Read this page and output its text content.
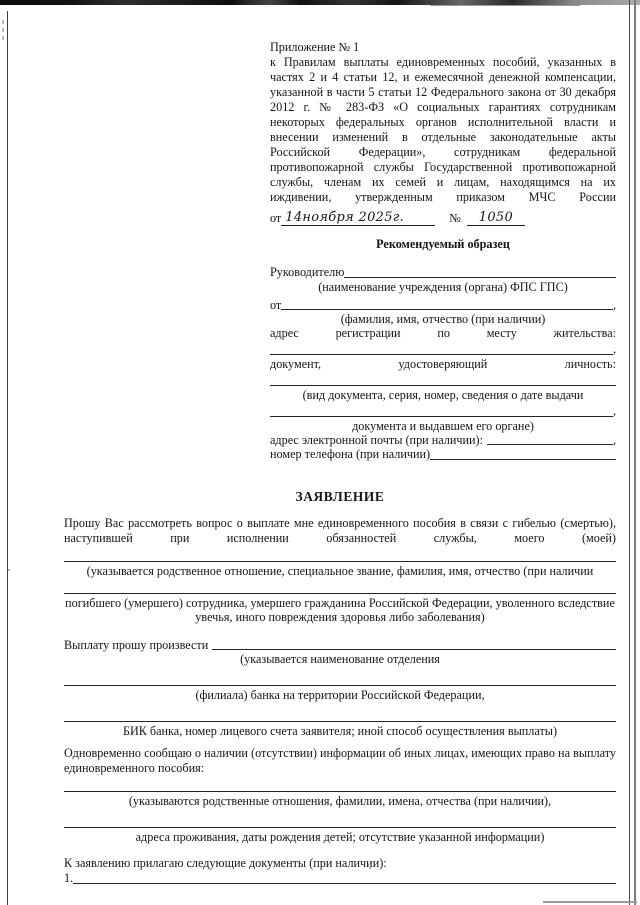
Приложение № 1
к Правилам выплаты единовременных пособий, указанных в частях 2 и 4 статьи 12, и ежемесячной денежной компенсации, указанной в части 5 статьи 12 Федерального закона от 30 декабря 2012 г. № 283-ФЗ «О социальных гарантиях сотрудникам некоторых федеральных органов исполнительной власти и внесении изменений в отдельные законодательные акты Российской Федерации», сотрудникам федеральной противопожарной службы Государственной противопожарной службы, членам их семей и лицам, находящимся на их иждивении, утвержденным приказом МЧС России
от 14ноября 2025г.	№	1050
Рекомендуемый образец
Руководителю
(наименование учреждения (органа) ФПС ГПС)
от	,
(фамилия, имя, отчество (при наличии)
адрес регистрации по месту жительства:
,
документ, удостоверяющий личность:
(вид документа, серия, номер, сведения о дате выдачи
,
документа и выдавшем его органе)
адрес электронной почты (при наличии):	,
номер телефона (при наличии)
ЗАЯВЛЕНИЕ
Прошу Вас рассмотреть вопрос о выплате мне единовременного пособия в связи с гибелью (смертью), наступившей при исполнении обязанностей службы, моего (моей)
(указывается родственное отношение, специальное звание, фамилия, имя, отчество (при наличии
погибшего (умершего) сотрудника, умершего гражданина Российской Федерации, уволенного вследствие увечья, иного повреждения здоровья либо заболевания)
Выплату прошу произвести
(указывается наименование отделения
(филиала) банка на территории Российской Федерации,
БИК банка, номер лицевого счета заявителя; иной способ осуществления выплаты)
Одновременно сообщаю о наличии (отсутствии) информации об иных лицах, имеющих право на выплату единовременного пособия:
(указываются родственные отношения, фамилии, имена, отчества (при наличии),
адреса проживания, даты рождения детей; отсутствие указанной информации)
К заявлению прилагаю следующие документы (при наличии):
1.
